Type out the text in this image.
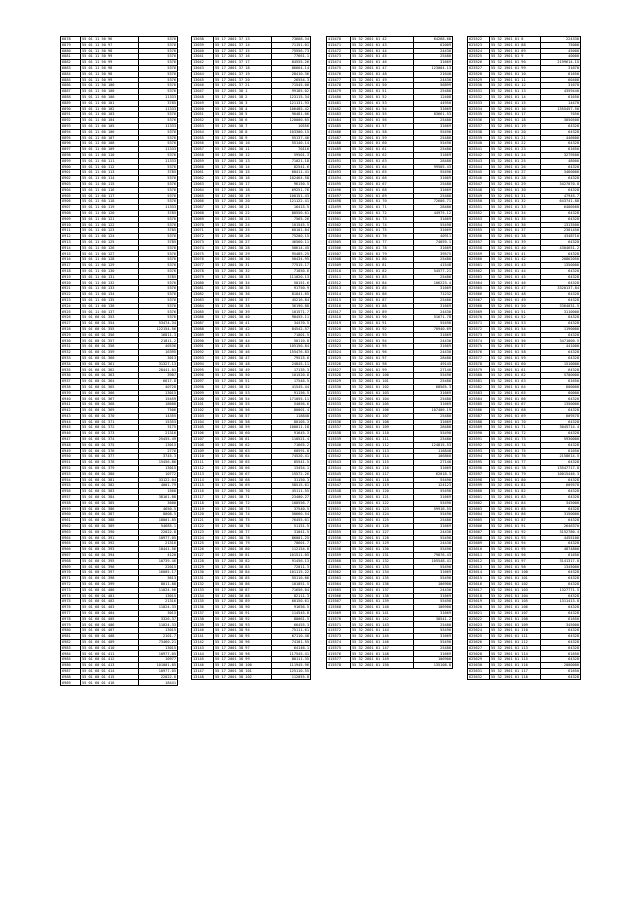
6878	55 01 11 50 96	5376
6879	55 01 11 50 97	5376
6880	55 01 11 50 98	5376
6881	55 01 11 50 99	5376
6882	55 01 11 50 99	5376
6883	55 01 11 50 98	5376
6884	55 01 11 50 98	5376
6885	55 01 11 50 99	5376
6886	55 01 11 50 100	5376
6887	55 01 11 50 100	5376
6888	55 01 11 60 100	11333
6889	55 01 11 60 101	3785
6890	55 01 11 60 102	11333
6891	55 01 11 60 103	5376
6892	55 01 11 60 104	5376
6893	55 01 11 60 105	11333
6894	55 01 11 60 106	5376
6895	55 01 11 60 107	5376
6896	55 01 11 60 108	5376
6897	55 01 11 60 109	11333
6898	55 01 11 60 110	5376
6899	55 01 11 60 111	11333
6900	55 01 11 60 112	5376
6901	55 01 11 60 113	3785
6902	55 01 11 60 114	5376
6903	55 01 11 60 115	5376
6904	55 01 11 60 116	5376
6905	55 01 11 60 117	5376
6906	55 01 11 60 118	5376
6907	55 01 11 60 119	11333
6908	55 01 11 60 120	3785
6909	55 01 11 60 121	5376
6910	55 01 11 60 122	5376
6911	55 01 11 60 123	3785
6912	55 01 11 60 124	5376
6913	55 01 11 60 125	3785
6914	55 01 11 60 126	5376
6915	55 01 11 60 127	5376
6916	55 01 11 60 128	5376
6917	55 01 11 60 129	5376
6918	55 01 11 60 130	5376
6919	55 01 11 60 131	3785
6920	55 01 11 60 132	5376
6921	55 01 11 60 133	5376
6922	55 01 11 60 134	5376
6923	55 01 11 60 135	5376
6924	55 01 11 60 136	5376
6925	55 01 11 60 137	5376
6926	55 01 60 01 353	5376
6927	55 01 60 01 354	53474.34
6928	55 01 60 01 355	122154.56
6929	55 01 60 01 356	16811.3
6930	55 01 60 01 357	21811.2
6931	55 01 60 01 358	40536
6932	55 01 60 01 359	16395
6933	55 01 60 01 360	3013
6934	55 01 60 01 361	31327.13
6935	55 01 60 01 362	28441.01
6936	55 01 60 01 363	3907
6937	55 01 60 01 364	6617.8
6938	55 01 60 01 365	40728
6939	55 01 60 01 366	13015
6940	55 01 60 01 367	15459
6941	55 01 60 01 368	18600
6942	55 01 60 01 369	7506
6943	55 01 60 01 370	14355
6944	55 01 60 01 371	15353
6945	55 01 60 01 372	3175
6946	55 01 60 01 373	21316
6947	55 01 60 01 374	25455.49
6948	55 01 60 01 375	13015
6949	55 01 60 01 376	2776
6950	55 01 60 01 377	3745.3
6951	55 01 60 01 378	15456.86
6952	55 01 60 01 379	13015
6953	55 01 60 01 380	10772
6954	55 01 60 01 381	33122.04
6955	55 01 60 01 382	4001.79
6956	55 01 60 01 383	1560
6957	55 01 60 01 384	38161.88
6958	55 01 60 01 385	3600
6959	55 01 60 01 386	4650.5
6960	55 01 60 01 387	8008.5
6961	55 01 60 01 388	18001.85
6962	55 01 60 01 389	54685.1
6963	55 01 60 01 390	22022.8
6964	55 01 60 01 391	10977.05
6965	55 01 60 01 392	21316
6966	55 01 60 01 393	18441.56
6967	55 01 60 01 394	4120
6968	55 01 60 01 395	10739.46
6969	55 01 60 01 396	22015
6970	55 01 60 01 397	16005.17
6971	55 01 60 01 398	3613
6972	55 01 60 01 399	8011.88
6973	55 01 60 01 400	11024.56
6974	55 01 60 01 401	13015
6975	55 01 60 01 402	21316
6976	55 01 60 01 403	11024.33
6977	55 01 60 01 404	3015
6978	55 01 60 01 405	3326.37
6979	55 01 60 01 406	11024.33
6980	55 01 60 01 407	13015
6981	55 01 60 01 408	2101.7
6982	55 01 60 01 409	73460.21
6983	55 01 60 01 410	13015
6984	55 01 60 01 411	10977.05
6985	55 01 60 01 412	10977
6986	55 01 60 01 413	101001.85
6987	55 01 60 01 414	10977.05
6988	55 01 60 01 415	22022.8
6989	55 01 60 01 416	18441
13038	55 17 2001 37 13	73668.34
13039	55 17 2001 37 14	71151.01
13040	55 17 2001 37 15	75556.73
13041	55 17 2001 37 16	77661.1
13042	55 17 2001 37 17	84555.26
13043	55 17 2001 37 18	86664.14
13044	55 17 2001 37 19	28410.36
13045	55 17 2001 37 20	26554.3
13046	55 17 2001 37 21	71545.08
13047	55 17 2001 38 1	99185.02
13048	55 17 2001 38 2	123115.34
13049	55 17 2001 38 3	121131.93
13050	55 17 2001 38 4	106485.42
13051	55 17 2001 38 5	90481.06
13052	55 17 2001 38 6	120000.65
13053	55 17 2001 38 7	10556
13054	55 17 2001 38 8	103300.15
13055	55 17 2001 38 9	55137.46
13056	55 17 2001 38 10	55140.14
13057	55 17 2001 38 11	70116
13058	55 17 2001 38 12	59501.3
13059	55 17 2001 38 13	71021.18
13060	55 17 2001 38 14	82541.6
13061	55 17 2001 38 15	60411.41
13062	55 17 2001 38 16	102464.58
13063	55 17 2001 38 17	96150.5
13064	55 17 2001 38 18	69251.76
13065	55 17 2001 38 19	100151.43
13066	55 17 2001 38 20	121122.41
13067	55 17 2001 38 21	16415.5
13068	55 17 2001 38 22	80550.61
13069	55 17 2001 38 23	7565.26
13070	55 17 2001 38 24	101545.5
13071	55 17 2001 38 25	60101.84
13072	55 17 2001 38 26	75200.15
13073	55 17 2001 38 27	46560.11
13074	55 17 2001 38 28	50614.45
13075	55 17 2001 38 29	95485.25
13076	55 17 2001 38 30	50434.95
13077	55 17 2001 38 31	77515.17
13078	55 17 2001 38 32	71050.6
13079	55 17 2001 38 33	111020.13
13080	55 17 2001 38 34	50151.6
13081	55 17 2001 38 35	91750.9
13082	55 17 2001 38 36	81041.65
13083	55 17 2001 38 37	45216.84
13084	55 17 2001 38 38	36190.88
13085	55 17 2001 38 39	101571.7
13086	55 17 2001 38 40	98455.11
13087	55 17 2001 38 41	34470.5
13088	55 17 2001 38 42	84542.57
13089	55 17 2001 38 43	71001.5
13090	55 17 2001 38 44	50110.8
13091	55 17 2001 38 45	105150.84
13092	55 17 2001 38 46	155476.83
13093	55 17 2001 38 47	79515.6
13094	55 17 2001 38 48	24845.11
13095	55 17 2001 38 49	17135.3
13096	55 17 2001 38 50	101520.8
13097	55 17 2001 38 51	17546.5
13098	55 17 2001 38 52	41545.44
13099	55 17 2001 38 53	91156.5
13100	55 17 2001 38 54	171055.11
13101	55 17 2001 38 55	54056.6
13102	55 17 2001 38 56	80001.4
13103	55 17 2001 38 57	118848
13104	55 17 2001 38 58	80105.3
13105	55 17 2001 38 59	100011.18
13106	55 17 2001 38 60	91645.3
13107	55 17 2001 38 61	110521.4
13108	55 17 2001 38 62	71665.2
13109	55 17 2001 38 63	60591.8
13110	55 17 2001 38 64	74520.41
13111	55 17 2001 38 65	85541.5
13112	55 17 2001 38 66	13454.1
13113	55 17 2001 38 67	15572.26
13114	55 17 2001 38 68	31150.3
13115	55 17 2001 38 69	58515.61
13116	55 17 2001 38 70	45111.55
13117	55 17 2001 38 71	23400.27
13118	55 17 2001 38 72	100556.7
13119	55 17 2001 38 73	37540.5
13120	55 17 2001 38 74	50660.54
13121	55 17 2001 38 75	76455.61
13122	55 17 2001 38 76	51151.5
13123	55 17 2001 38 77	31041.5
13124	55 17 2001 38 78	86001.25
13125	55 17 2001 38 79	70601.7
13126	55 17 2001 38 80	112154.8
13127	55 17 2001 38 81	101511.05
13128	55 17 2001 38 82	91456.13
13129	55 17 2001 38 83	72011.3
13130	55 17 2001 38 84	101115.22
13131	55 17 2001 38 85	55110.66
13132	55 17 2001 38 86	101051.5
13133	55 17 2001 38 87	71656.04
13134	55 17 2001 38 88	82111.3
13135	55 17 2001 38 89	60150.61
13136	55 17 2001 38 90	91656.5
13137	55 17 2001 38 91	114545.8
13138	55 17 2001 38 92	80061.5
13139	55 17 2001 38 93	66455.3
13140	55 17 2001 38 94	75111.61
13141	55 17 2001 38 95	67110.48
13142	55 17 2001 38 96	74101.55
13143	55 17 2001 38 97	64146.1
13144	55 17 2001 38 98	117545.41
13145	55 17 2001 38 99	80111.35
13146	55 17 2001 38 100	111945.96
13147	55 17 2001 38 101	125110.55
13148	55 17 2001 38 102	112055.8
415470	55 32 2601 01 42	64268.68
415471	55 32 2601 01 43	62009
415472	55 32 2601 01 44	24430
415473	55 32 2601 01 45	25480
415474	55 32 2601 01 46	31669
415475	55 32 2601 01 47	123004.13
415476	55 32 2601 01 48	21640
415477	55 32 2601 01 49	24430
415478	55 32 2601 01 50	56899
415479	55 32 2601 01 51	25480
415480	55 32 2601 01 52	12408
415481	55 32 2601 01 53	44950
415482	55 32 2601 01 54	31669
415483	55 32 2601 01 55	83661.53
415484	55 32 2601 01 56	25480
415485	55 32 2601 01 57	31669
415486	55 32 2601 01 58	55490
415487	55 32 2601 01 59	25480
415488	55 32 2601 01 60	55490
415489	55 32 2601 01 61	25480
415490	55 32 2601 01 62	31669
415491	55 32 2601 01 63	28480
415492	55 32 2601 01 64	99505.43
415493	55 32 2601 01 65	55490
415494	55 32 2601 01 66	31669
415495	55 32 2601 01 67	25480
415496	55 32 2601 01 68	31669
415497	55 32 2601 01 69	25480
415498	55 32 2601 01 70	72606.71
415499	55 32 2601 01 71	28480
415500	55 32 2601 01 72	44975.12
415501	55 32 2601 01 73	31669
415502	55 32 2601 01 74	55490
415503	55 32 2601 01 75	31669
415504	55 32 2601 01 76	40911
415505	55 32 2601 01 77	74059.1
415506	55 32 2601 01 78	31669
415507	55 32 2601 01 79	39575
415508	55 32 2601 01 80	25480
415509	55 32 2601 01 81	41548
415510	55 32 2601 01 82	54577.21
415511	55 32 2601 01 83	25480
415512	55 32 2601 01 84	106223.4
415513	55 32 2601 01 85	31669
415514	55 32 2601 01 86	71232
415515	55 32 2601 01 87	25480
415516	55 32 2601 01 88	31669
415517	55 32 2601 01 89	24430
415518	55 32 2601 01 90	51671.78
415519	55 32 2601 01 91	55490
415520	55 32 2601 01 92	70940.69
415521	55 32 2601 01 93	31669
415522	55 32 2601 01 94	24430
415523	55 32 2601 01 95	31669
415524	55 32 2601 01 96	24430
415525	55 32 2601 01 97	28480
415526	55 32 2601 01 98	49145
415527	55 32 2601 01 99	27140
415528	55 32 2601 01 100	55490
415529	55 32 2601 01 101	25480
415530	55 32 2601 01 102	68565.3
415531	55 32 2601 01 103	31669
415532	55 32 2601 01 104	25480
415533	55 32 2601 01 105	31669
415534	55 32 2601 01 106	107406.19
415535	55 32 2601 01 107	25480
415536	55 32 2601 01 108	31669
415537	55 32 2601 01 109	28480
415538	55 32 2601 01 110	55490
415539	55 32 2601 01 111	25480
415540	55 32 2601 01 112	124815.53
415541	55 32 2601 01 113	116848
415542	55 32 2601 01 114	106860
415543	55 32 2601 01 115	27140
415544	55 32 2601 01 116	31669
415545	55 32 2601 01 117	62018.3
415546	55 32 2601 01 118	55490
415547	55 32 2601 01 119	124123
415548	55 32 2601 01 120	55490
415549	55 32 2601 01 121	31669
415550	55 32 2601 01 122	55490
415551	55 32 2601 01 123	59916.55
415552	55 32 2601 01 124	55490
415553	55 32 2601 01 125	25480
415554	55 32 2601 01 126	31669
415555	55 32 2601 01 127	24430
415556	55 32 2601 01 128	55490
415557	55 32 2601 01 129	24430
415558	55 32 2601 01 130	55490
415559	55 32 2601 01 131	79876.43
415560	55 32 2601 01 132	105548.41
415561	55 32 2601 01 133	55490
415562	55 32 2601 01 134	31669
415563	55 32 2601 01 135	55490
415564	55 32 2601 01 136	106900
415565	55 32 2601 01 137	24430
415566	55 32 2601 01 138	31669
415567	55 32 2601 01 139	55490
415568	55 32 2601 01 140	106900
415569	55 32 2601 01 141	31669
415570	55 32 2601 01 142	38541.2
415571	55 32 2601 01 143	25480
415572	55 32 2601 01 144	55490
415573	55 32 2601 01 145	31669
415574	55 32 2601 01 146	55490
415575	55 32 2601 01 147	25480
415576	55 32 2601 01 148	31669
415577	55 32 2601 01 149	106900
415578	55 32 2601 01 150	135108.8
625522	55 32 1901 01 8	224330
625523	55 32 1901 01 88	75000
625524	55 32 1901 01 89	45000
625525	55 32 1901 01 9	40000
625526	55 32 1901 01 90	2199614.15
625527	55 32 1901 01 99	31670
625528	55 32 1901 01 10	61650
625529	55 32 1901 01 11	60400
625530	55 32 1901 01 12	31670
625531	55 32 1901 01 13	4359440
625532	55 32 1901 01 14	61650
625533	55 32 1901 01 15	14470
625534	55 32 1901 01 16	1355457.50
625535	55 32 1901 01 17	7650
625536	55 32 1901 01 18	3050500
625537	55 32 1901 01 19	64328
625538	55 32 1901 01 20	64328
625539	55 32 1901 01 21	446600
625540	55 32 1901 01 22	64328
625541	55 32 1901 01 23	61650
625542	55 32 1901 01 24	3279500
625543	55 32 1901 01 25	48000
625544	55 32 1901 01 26	64328
625545	55 32 1901 01 27	3460000
625546	55 32 1901 01 28	64328
625547	55 32 1901 01 29	3427070.8
625548	55 32 1901 01 30	64328
625549	55 32 1901 01 31	47945.7
625550	55 32 1901 01 32	643741.88
625551	55 32 1901 01 33	6400560
625552	55 32 1901 01 34	64328
625553	55 32 1901 01 35	64328
625554	55 32 1901 01 36	1313500
625555	55 32 1901 01 37	2301450
625556	55 32 1901 01 38	4348710
625557	55 32 1901 01 39	64328
625558	55 32 1901 01 40	4304651.2
625559	55 32 1901 01 41	64328
625560	55 32 1901 01 42	20862050
625561	55 32 1901 01 43	1350000
625562	55 32 1901 01 44	64328
625563	55 32 1901 01 45	64328
625564	55 32 1901 01 46	64328
625565	55 32 1901 01 47	3320137.84
625566	55 32 1901 01 48	64328
625567	55 32 1901 01 49	64328
625568	55 32 1901 01 50	3364031.5
625569	55 32 1901 01 51	3110000
625570	55 32 1901 01 52	64328
625571	55 32 1901 01 53	64328
625572	55 32 1901 01 54	1190000
625573	55 32 1901 01 55	64328
625574	55 32 1901 01 56	3471000.5
625575	55 32 1901 01 57	441000
625576	55 32 1901 01 58	64328
625577	55 32 1901 01 59	64328
625578	55 32 1901 01 60	1510000
625579	55 32 1901 01 61	64328
625580	55 32 1901 01 62	5700000
625581	55 32 1901 01 63	61650
625582	55 32 1901 01 64	600000
625583	55 32 1901 01 65	60000
625584	55 32 1901 01 66	64328
625585	55 32 1901 01 67	1350000
625586	55 32 1901 01 68	64328
625587	55 32 1901 01 69	609578
625588	55 32 1901 01 70	64328
625589	55 32 1901 01 71	3045714.4
625590	55 32 1901 01 72	64328
625591	55 32 1901 01 73	5930000
625592	55 32 1901 01 74	64328
625593	55 32 1901 01 75	61650
625594	55 32 1901 01 76	2158614.5
625595	55 32 1901 01 77	64328
625596	55 32 1901 01 78	13547717.8
625597	55 32 1901 01 79	10015446.3
625598	55 32 1901 01 80	64328
625599	55 32 1901 01 81	609578
625600	55 32 1901 01 82	64328
625601	55 32 1901 01 83	64328
625602	55 32 1901 01 84	345000
625603	55 32 1901 01 85	64328
625604	55 32 1901 01 86	3150000
625605	55 32 1901 01 87	64328
625606	55 32 1901 01 91	2646370
625607	55 32 1901 01 92	3152780.4
625608	55 32 1901 01 93	4455100
625609	55 32 1901 01 94	64328
625610	55 32 1901 01 95	4874800
625611	55 32 1901 01 96	61650
625612	55 32 1901 01 97	3141317.8
625613	55 32 1901 01 98	1345000
625614	55 32 1901 01 100	64328
625615	55 32 1901 01 101	64328
625616	55 32 1901 01 102	64328
625617	55 32 1901 01 103	1327771.5
625618	55 32 1901 01 104	64328
625619	55 32 1901 01 105	1311413.8
625620	55 32 1901 01 106	64328
625621	55 32 1901 01 107	64328
625622	55 32 1901 01 108	61650
625623	55 32 1901 01 109	345000
625624	55 32 1901 01 110	64328
625625	55 32 1901 01 111	64328
625626	55 32 1901 01 112	64328
625627	55 32 1901 01 113	64328
625628	55 32 1901 01 114	61650
625629	55 32 1901 01 115	64328
625630	55 32 1901 01 116	2000000
625631	55 32 1901 01 117	61650
625632	55 32 1901 01 118	64328
